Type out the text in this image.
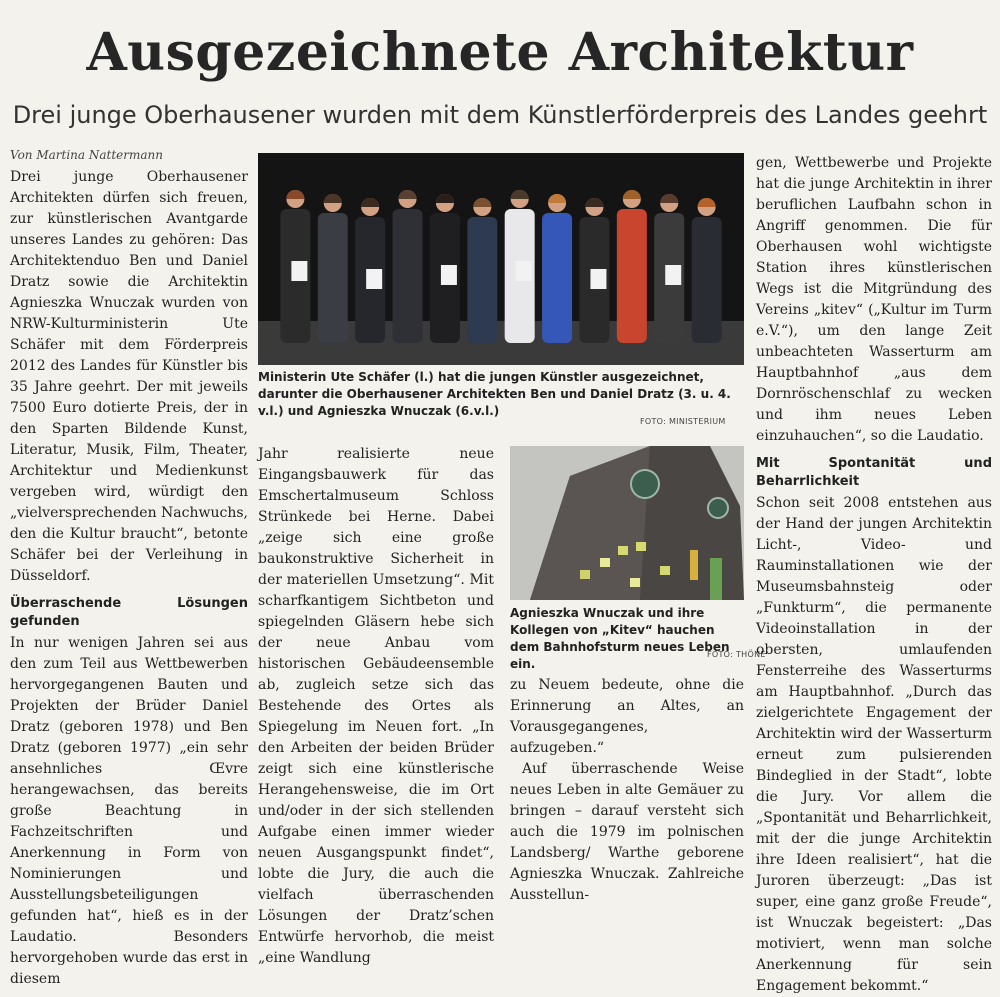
Ausgezeichnete Architektur
Drei junge Oberhausener wurden mit dem Künstlerförderpreis des Landes geehrt
Von Martina Nattermann

Drei junge Oberhausener Architekten dürfen sich freuen, zur künstlerischen Avantgarde unseres Landes zu gehören: Das Architektenduo Ben und Daniel Dratz sowie die Architektin Agnieszka Wnuczak wurden von NRW-Kulturministerin Ute Schäfer mit dem Förderpreis 2012 des Landes für Künstler bis 35 Jahre geehrt. Der mit jeweils 7500 Euro dotierte Preis, der in den Sparten Bildende Kunst, Literatur, Musik, Film, Theater, Architektur und Medienkunst vergeben wird, würdigt den „vielversprechenden Nachwuchs, den die Kultur braucht“, betonte Schäfer bei der Verleihung in Düsseldorf.

Überraschende Lösungen gefunden

In nur wenigen Jahren sei aus den zum Teil aus Wettbewerben hervorgegangenen Bauten und Projekten der Brüder Daniel Dratz (geboren 1978) und Ben Dratz (geboren 1977) „ein sehr ansehnliches Œvre herangewachsen, das bereits große Beachtung in Fachzeitschriften und Anerkennung in Form von Nominierungen und Ausstellungsbeteiligungen gefunden hat“, hieß es in der Laudatio. Besonders hervorgehoben wurde das erst in diesem

Ministerin Ute Schäfer (l.) hat die jungen Künstler ausgezeichnet, darunter die Oberhausener Architekten Ben und Daniel Dratz (3. u. 4. v.l.) und Agnieszka Wnuczak (6.v.l.)

FOTO: MINISTERIUM

Jahr realisierte neue Eingangsbauwerk für das Emschertalmuseum Schloss Strünkede bei Herne. Dabei „zeige sich eine große baukonstruktive Sicherheit in der materiellen Umsetzung“. Mit scharfkantigem Sichtbeton und spiegelnden Gläsern hebe sich der neue Anbau vom historischen Gebäudeensemble ab, zugleich setze sich das Bestehende des Ortes als Spiegelung im Neuen fort. „In den Arbeiten der beiden Brüder zeigt sich eine künstlerische Herangehensweise, die im Ort und/oder in der sich stellenden Aufgabe einen immer wieder neuen Ausgangspunkt findet“, lobte die Jury, die auch die vielfach überraschenden Lösungen der Dratz’schen Entwürfe hervorhob, die meist „eine Wandlung

Agnieszka Wnuczak und ihre Kollegen von „Kitev“ hauchen dem Bahnhofsturm neues Leben ein.

FOTO: THÖNE

zu Neuem bedeute, ohne die Erinnerung an Altes, an Vorausgegangenes, aufzugeben.“

Auf überraschende Weise neues Leben in alte Gemäuer zu bringen – darauf versteht sich auch die 1979 im polnischen Landsberg/ Warthe geborene Agnieszka Wnuczak. Zahlreiche Ausstellun-

gen, Wettbewerbe und Projekte hat die junge Architektin in ihrer beruflichen Laufbahn schon in Angriff genommen. Die für Oberhausen wohl wichtigste Station ihres künstlerischen Wegs ist die Mitgründung des Vereins „kitev“ („Kultur im Turm e.V.“), um den lange Zeit unbeachteten Wasserturm am Hauptbahnhof „aus dem Dornröschenschlaf zu wecken und ihm neues Leben einzuhauchen“, so die Laudatio.

Mit Spontanität und Beharrlichkeit

Schon seit 2008 entstehen aus der Hand der jungen Architektin Licht-, Video- und Rauminstallationen wie der Museumsbahnsteig oder „Funkturm“, die permanente Videoinstallation in der obersten, umlaufenden Fensterreihe des Wasserturms am Hauptbahnhof. „Durch das zielgerichtete Engagement der Architektin wird der Wasserturm erneut zum pulsierenden Bindeglied in der Stadt“, lobte die Jury. Vor allem die „Spontanität und Beharrlichkeit, mit der die junge Architektin ihre Ideen realisiert“, hat die Juroren überzeugt: „Das ist super, eine ganz große Freude“, ist Wnuczak begeistert: „Das motiviert, wenn man solche Anerkennung für sein Engagement bekommt.“
